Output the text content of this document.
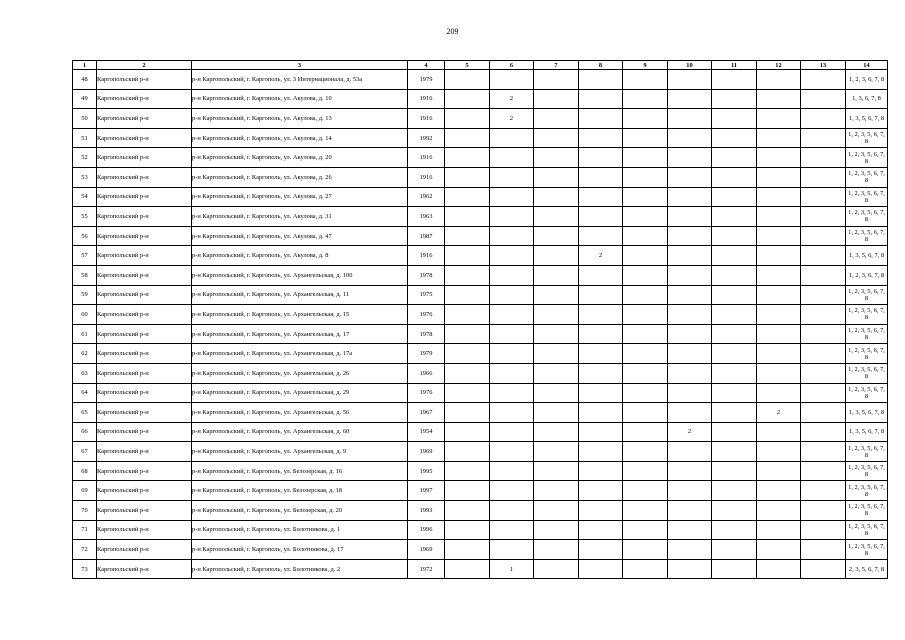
209
1	2	3	4	5	6	7	8	9	10	11	12	13	14
48	Каргопольский р-н	р-н Каргопольский, г. Каргополь, ул. 3 Интернационала, д. 53а	1979										1, 2, 3, 6, 7, 8
49	Каргопольский р-н	р-н Каргопольский, г. Каргополь, ул. Акулова, д. 10	1916		2								1, 3, 6, 7, 8
50	Каргопольский р-н	р-н Каргопольский, г. Каргополь, ул. Акулова, д. 13	1916		2								1, 3, 5, 6, 7, 8
51	Каргопольский р-н	р-н Каргопольский, г. Каргополь, ул. Акулова, д. 14	1992										1, 2, 3, 5, 6, 7, 8
52	Каргопольский р-н	р-н Каргопольский, г. Каргополь, ул. Акулова, д. 20	1916										1, 2, 3, 5, 6, 7, 8
53	Каргопольский р-н	р-н Каргопольский, г. Каргополь, ул. Акулова, д. 26	1916										1, 2, 3, 5, 6, 7, 8
54	Каргопольский р-н	р-н Каргопольский, г. Каргополь, ул. Акулова, д. 27	1962										1, 2, 3, 5, 6, 7, 8
55	Каргопольский р-н	р-н Каргопольский, г. Каргополь, ул. Акулова, д. 31	1963										1, 2, 3, 5, 6, 7, 8
56	Каргопольский р-н	р-н Каргопольский, г. Каргополь, ул. Акулова, д. 47	1987										1, 2, 3, 5, 6, 7, 8
57	Каргопольский р-н	р-н Каргопольский, г. Каргополь, ул. Акулова, д. 8	1916				2						1, 3, 5, 6, 7, 8
58	Каргопольский р-н	р-н Каргопольский, г. Каргополь, ул. Архангельская, д. 100	1978										1, 2, 3, 6, 7, 8
59	Каргопольский р-н	р-н Каргопольский, г. Каргополь, ул. Архангельская, д. 11	1975										1, 2, 3, 5, 6, 7, 8
60	Каргопольский р-н	р-н Каргопольский, г. Каргополь, ул. Архангельская, д. 15	1976										1, 2, 3, 5, 6, 7, 8
61	Каргопольский р-н	р-н Каргопольский, г. Каргополь, ул. Архангельская, д. 17	1978										1, 2, 3, 5, 6, 7, 8
62	Каргопольский р-н	р-н Каргопольский, г. Каргополь, ул. Архангельская, д. 17а	1979										1, 2, 3, 5, 6, 7, 8
63	Каргопольский р-н	р-н Каргопольский, г. Каргополь, ул. Архангельская, д. 26	1966										1, 2, 3, 5, 6, 7, 8
64	Каргопольский р-н	р-н Каргопольский, г. Каргополь, ул. Архангельская, д. 29	1976										1, 2, 3, 5, 6, 7, 8
65	Каргопольский р-н	р-н Каргопольский, г. Каргополь, ул. Архангельская, д. 56	1967								2		1, 3, 5, 6, 7, 8
66	Каргопольский р-н	р-н Каргопольский, г. Каргополь, ул. Архангельская, д. 60	1954						2				1, 3, 5, 6, 7, 8
67	Каргопольский р-н	р-н Каргопольский, г. Каргополь, ул. Архангельская, д. 9	1969										1, 2, 3, 5, 6, 7, 8
68	Каргопольский р-н	р-н Каргопольский, г. Каргополь, ул. Белозерская, д. 16	1995										1, 2, 3, 5, 6, 7, 8
69	Каргопольский р-н	р-н Каргопольский, г. Каргополь, ул. Белозерская, д. 18	1997										1, 2, 3, 5, 6, 7, 8
70	Каргопольский р-н	р-н Каргопольский, г. Каргополь, ул. Белозерская, д. 20	1993										1, 2, 3, 5, 6, 7, 8
71	Каргопольский р-н	р-н Каргопольский, г. Каргополь, ул. Болотникова, д. 1	1996										1, 2, 3, 5, 6, 7, 8
72	Каргопольский р-н	р-н Каргопольский, г. Каргополь, ул. Болотникова, д. 17	1969										1, 2, 3, 5, 6, 7, 8
73	Каргопольский р-н	р-н Каргопольский, г. Каргополь, ул. Болотникова, д. 2	1972		1								2, 3, 5, 6, 7, 8
